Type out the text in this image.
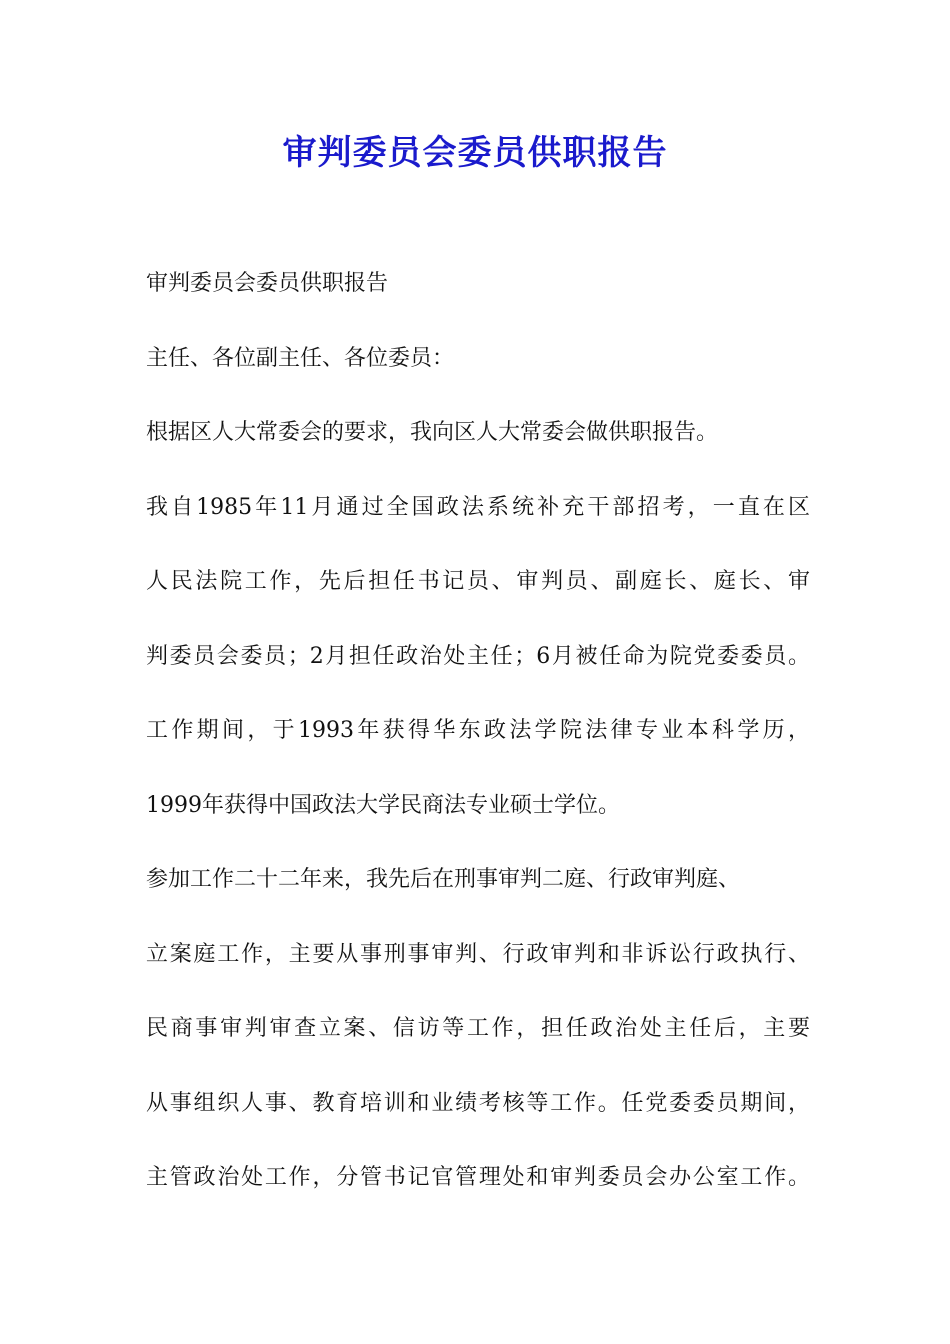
审判委员会委员供职报告
审判委员会委员供职报告
主任、各位副主任、各位委员：
根据区人大常委会的要求，我向区人大常委会做供职报告。
我自1985年11月通过全国政法系统补充干部招考，一直在区
人民法院工作，先后担任书记员、审判员、副庭长、庭长、审
判委员会委员；2月担任政治处主任；6月被任命为院党委委员。
工作期间，于1993年获得华东政法学院法律专业本科学历，
1999年获得中国政法大学民商法专业硕士学位。
参加工作二十二年来，我先后在刑事审判二庭、行政审判庭、
立案庭工作，主要从事刑事审判、行政审判和非诉讼行政执行、
民商事审判审查立案、信访等工作，担任政治处主任后，主要
从事组织人事、教育培训和业绩考核等工作。任党委委员期间，
主管政治处工作，分管书记官管理处和审判委员会办公室工作。
